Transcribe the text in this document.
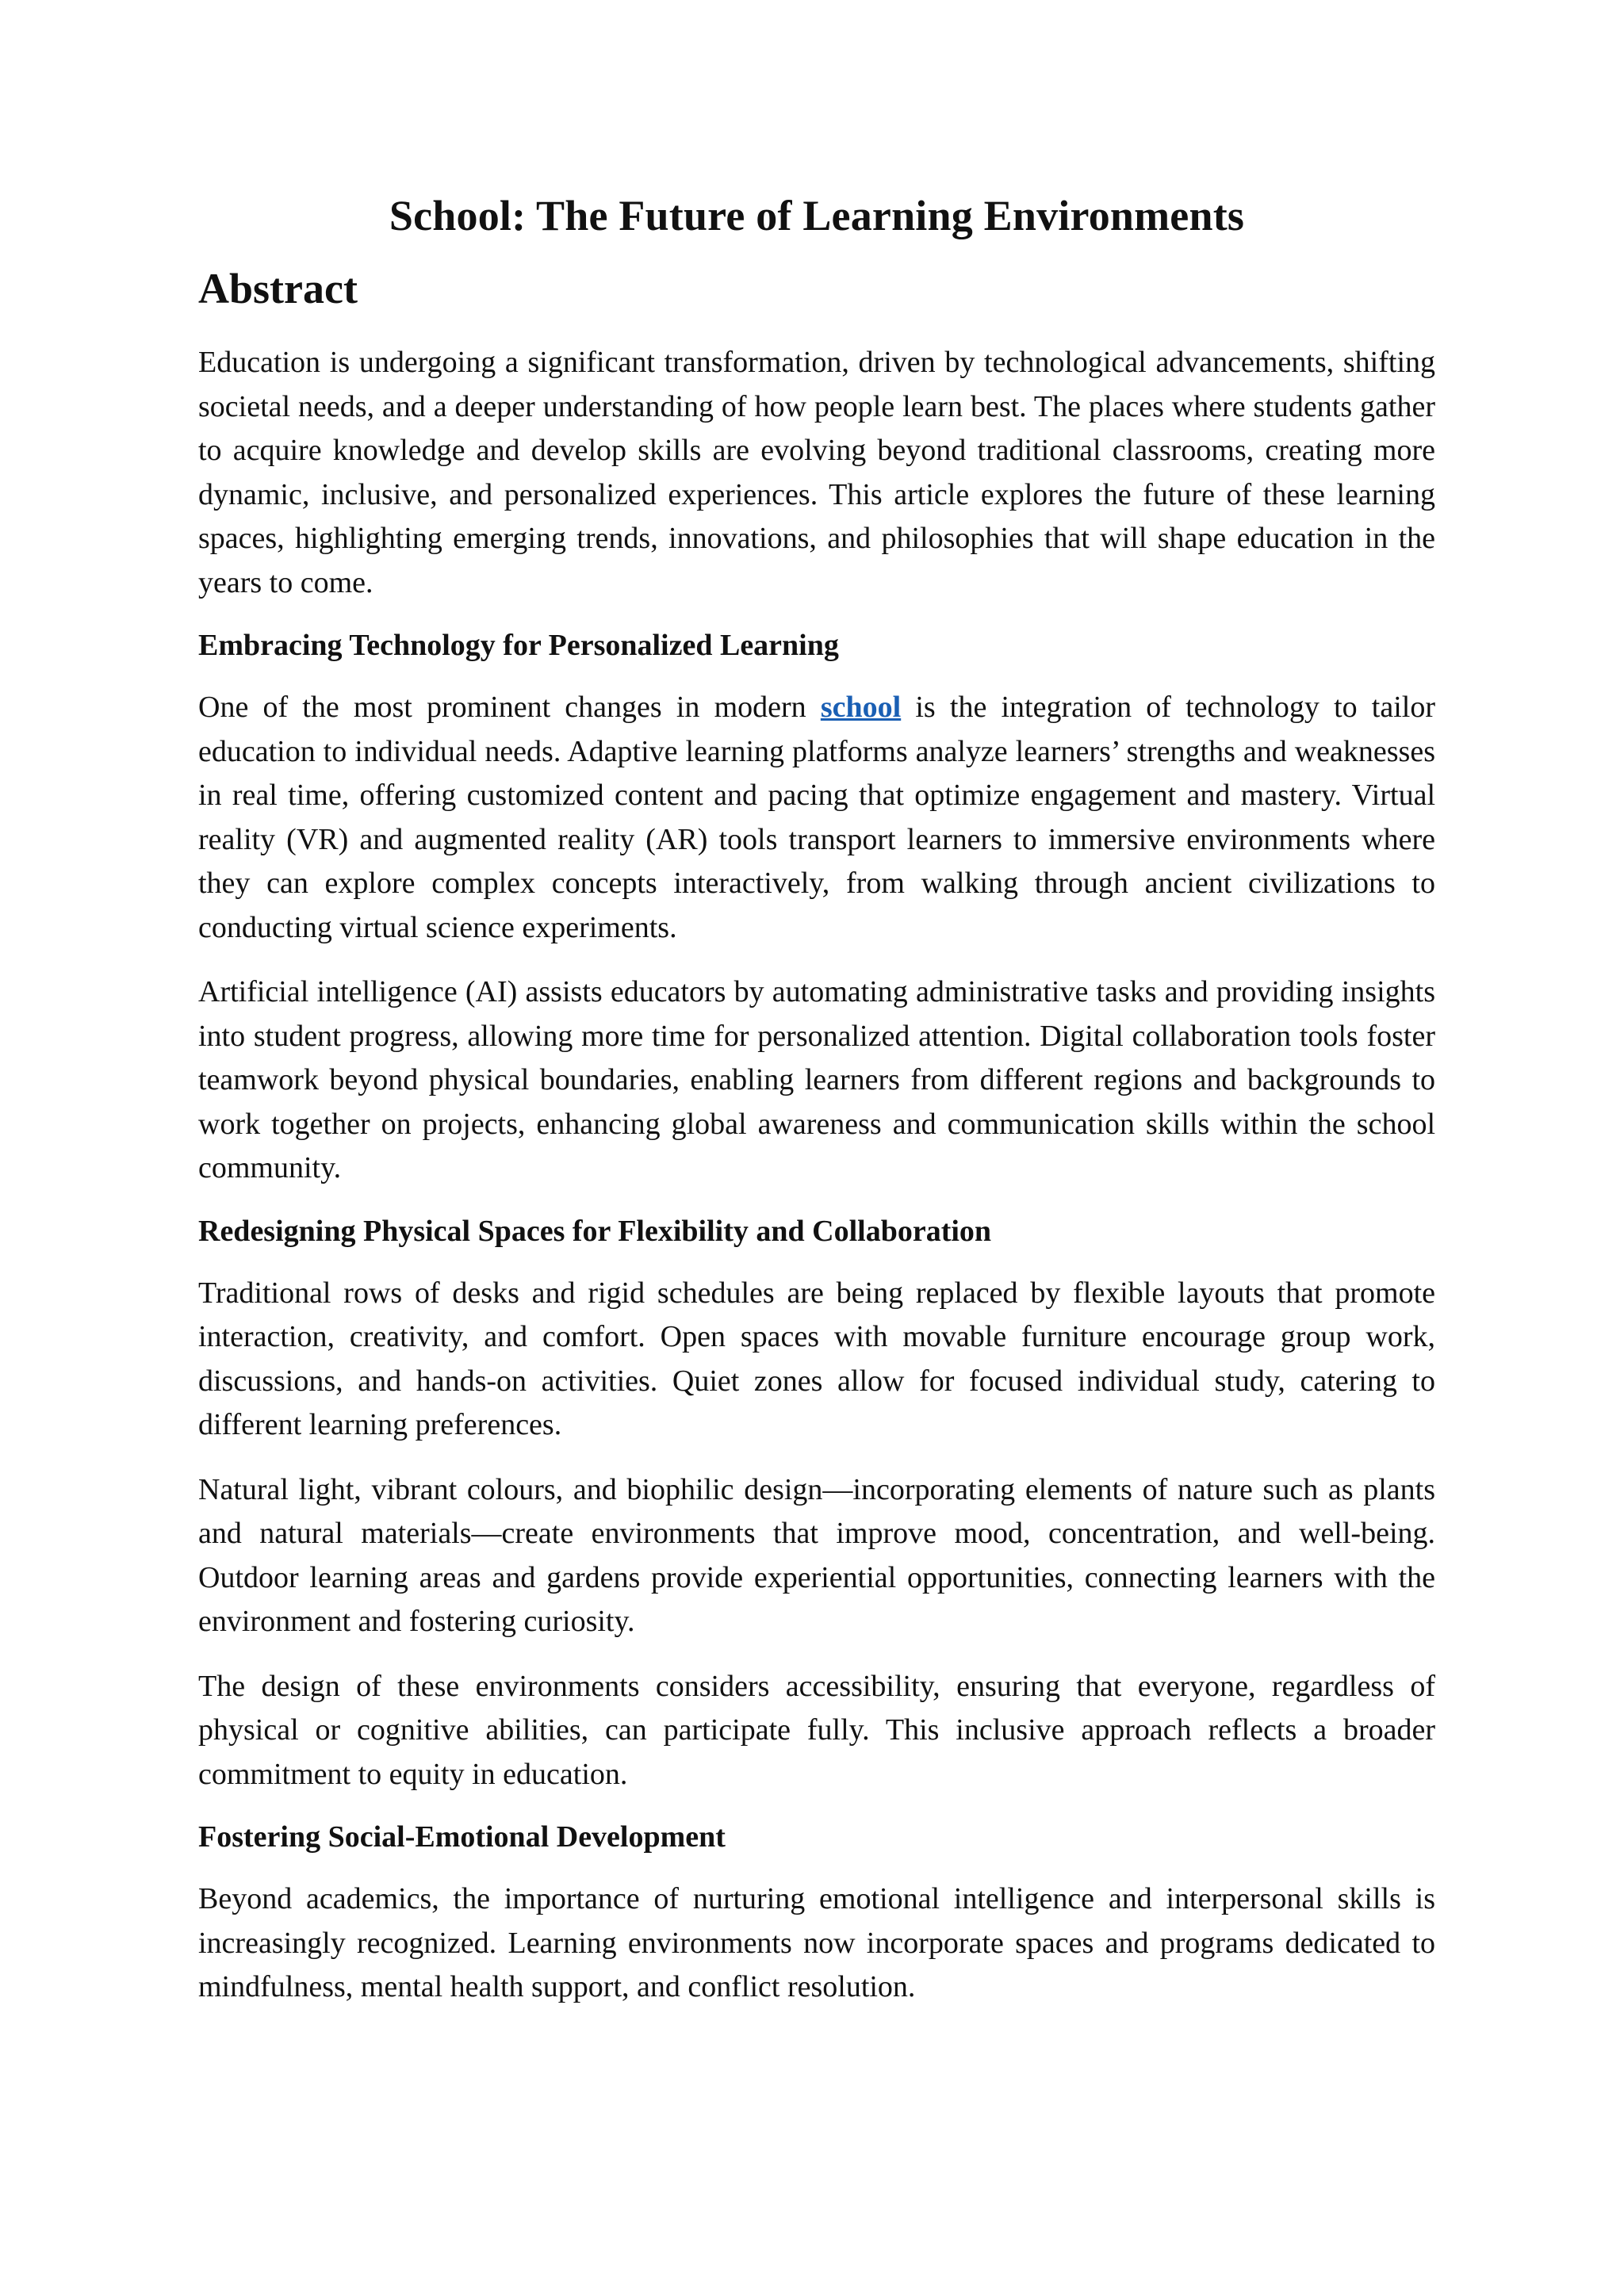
School: The Future of Learning Environments
Abstract

Education is undergoing a significant transformation, driven by technological advancements, shifting societal needs, and a deeper understanding of how people learn best. The places where students gather to acquire knowledge and develop skills are evolving beyond traditional classrooms, creating more dynamic, inclusive, and personalized experiences. This article explores the future of these learning spaces, highlighting emerging trends, innovations, and philosophies that will shape education in the years to come.

Embracing Technology for Personalized Learning

One of the most prominent changes in modern school is the integration of technology to tailor education to individual needs. Adaptive learning platforms analyze learners’ strengths and weaknesses in real time, offering customized content and pacing that optimize engagement and mastery. Virtual reality (VR) and augmented reality (AR) tools transport learners to immersive environments where they can explore complex concepts interactively, from walking through ancient civilizations to conducting virtual science experiments.

Artificial intelligence (AI) assists educators by automating administrative tasks and providing insights into student progress, allowing more time for personalized attention. Digital collaboration tools foster teamwork beyond physical boundaries, enabling learners from different regions and backgrounds to work together on projects, enhancing global awareness and communication skills within the school community.

Redesigning Physical Spaces for Flexibility and Collaboration

Traditional rows of desks and rigid schedules are being replaced by flexible layouts that promote interaction, creativity, and comfort. Open spaces with movable furniture encourage group work, discussions, and hands-on activities. Quiet zones allow for focused individual study, catering to different learning preferences.

Natural light, vibrant colours, and biophilic design—incorporating elements of nature such as plants and natural materials—create environments that improve mood, concentration, and well-being. Outdoor learning areas and gardens provide experiential opportunities, connecting learners with the environment and fostering curiosity.

The design of these environments considers accessibility, ensuring that everyone, regardless of physical or cognitive abilities, can participate fully. This inclusive approach reflects a broader commitment to equity in education.

Fostering Social-Emotional Development

Beyond academics, the importance of nurturing emotional intelligence and interpersonal skills is increasingly recognized. Learning environments now incorporate spaces and programs dedicated to mindfulness, mental health support, and conflict resolution.
